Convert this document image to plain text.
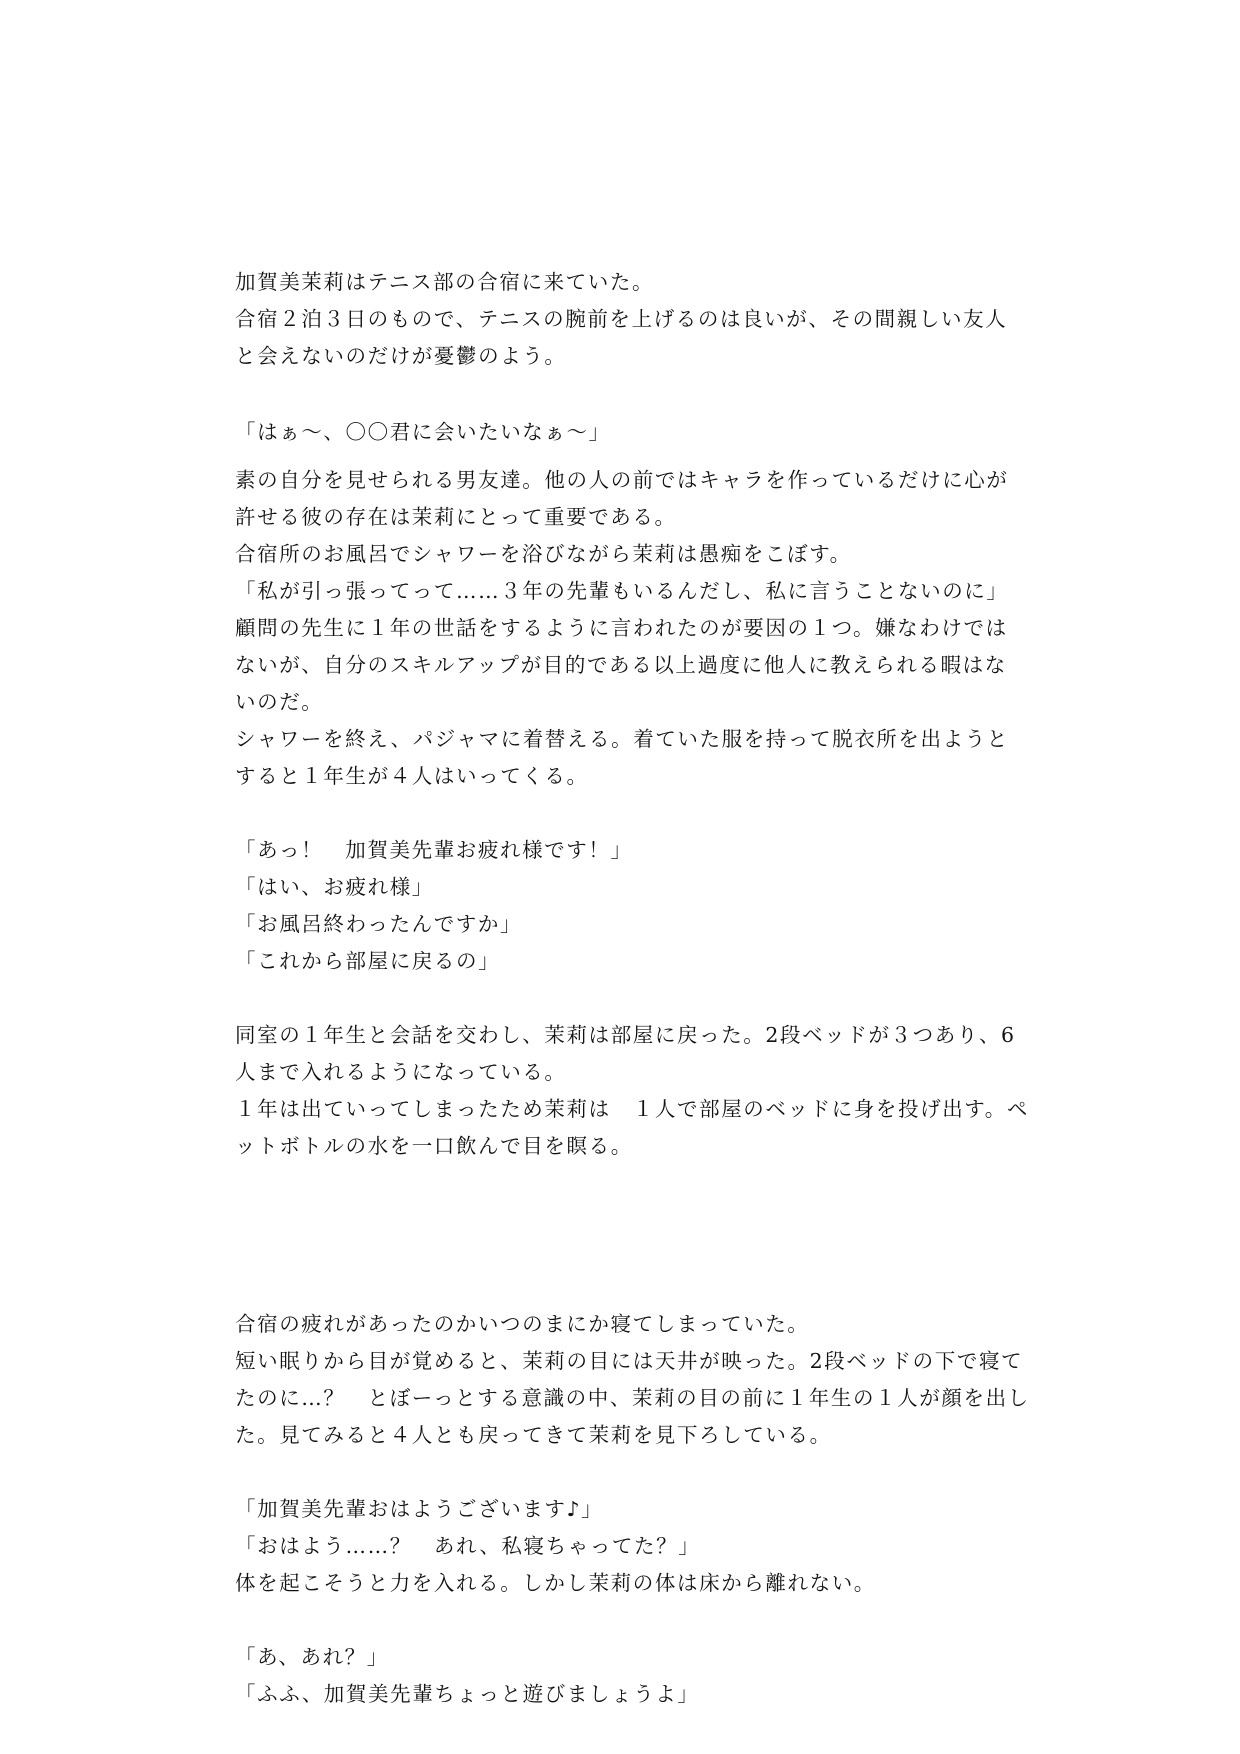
加賀美茉莉はテニス部の合宿に来ていた。
合宿２泊３日のもので、テニスの腕前を上げるのは良いが、その間親しい友人
と会えないのだけが憂鬱のよう。
「はぁ〜、〇〇君に会いたいなぁ〜」
素の自分を見せられる男友達。他の人の前ではキャラを作っているだけに心が
許せる彼の存在は茉莉にとって重要である。
合宿所のお風呂でシャワーを浴びながら茉莉は愚痴をこぼす。
「私が引っ張ってって……３年の先輩もいるんだし、私に言うことないのに」
顧問の先生に１年の世話をするように言われたのが要因の１つ。嫌なわけでは
ないが、自分のスキルアップが目的である以上過度に他人に教えられる暇はな
いのだ。
シャワーを終え、パジャマに着替える。着ていた服を持って脱衣所を出ようと
すると１年生が４人はいってくる。
「あっ！　加賀美先輩お疲れ様です！」
「はい、お疲れ様」
「お風呂終わったんですか」
「これから部屋に戻るの」
同室の１年生と会話を交わし、茉莉は部屋に戻った。2段ベッドが３つあり、6
人まで入れるようになっている。
１年は出ていってしまったため茉莉は　１人で部屋のベッドに身を投げ出す。ペ
ットボトルの水を一口飲んで目を瞑る。
合宿の疲れがあったのかいつのまにか寝てしまっていた。
短い眠りから目が覚めると、茉莉の目には天井が映った。2段ベッドの下で寝て
たのに…？　とぼーっとする意識の中、茉莉の目の前に１年生の１人が顔を出し
た。見てみると４人とも戻ってきて茉莉を見下ろしている。
「加賀美先輩おはようございます♪」
「おはよう……？　あれ、私寝ちゃってた？」
体を起こそうと力を入れる。しかし茉莉の体は床から離れない。
「あ、あれ？」
「ふふ、加賀美先輩ちょっと遊びましょうよ」
